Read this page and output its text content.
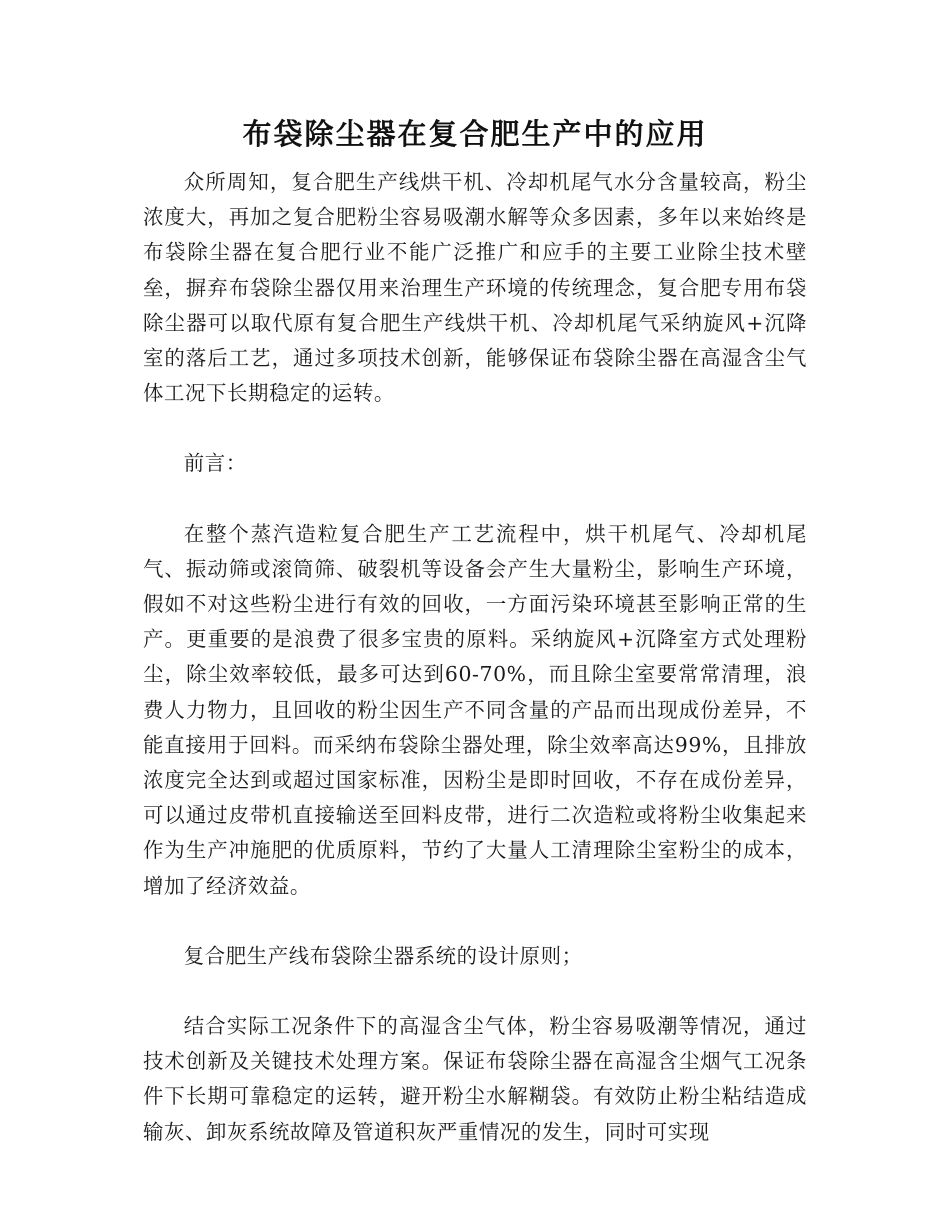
布袋除尘器在复合肥生产中的应用

众所周知，复合肥生产线烘干机、冷却机尾气水分含量较高，粉尘浓度大，再加之复合肥粉尘容易吸潮水解等众多因素，多年以来始终是布袋除尘器在复合肥行业不能广泛推广和应手的主要工业除尘技术壁垒，摒弃布袋除尘器仅用来治理生产环境的传统理念，复合肥专用布袋除尘器可以取代原有复合肥生产线烘干机、冷却机尾气采纳旋风+沉降室的落后工艺，通过多项技术创新，能够保证布袋除尘器在高湿含尘气体工况下长期稳定的运转。

前言：

在整个蒸汽造粒复合肥生产工艺流程中，烘干机尾气、冷却机尾气、振动筛或滚筒筛、破裂机等设备会产生大量粉尘，影响生产环境，假如不对这些粉尘进行有效的回收，一方面污染环境甚至影响正常的生产。更重要的是浪费了很多宝贵的原料。采纳旋风+沉降室方式处理粉尘，除尘效率较低，最多可达到60-70%，而且除尘室要常常清理，浪费人力物力，且回收的粉尘因生产不同含量的产品而出现成份差异，不能直接用于回料。而采纳布袋除尘器处理，除尘效率高达99%，且排放浓度完全达到或超过国家标准，因粉尘是即时回收，不存在成份差异，可以通过皮带机直接输送至回料皮带，进行二次造粒或将粉尘收集起来作为生产冲施肥的优质原料，节约了大量人工清理除尘室粉尘的成本，增加了经济效益。

复合肥生产线布袋除尘器系统的设计原则；

结合实际工况条件下的高湿含尘气体，粉尘容易吸潮等情况，通过技术创新及关键技术处理方案。保证布袋除尘器在高湿含尘烟气工况条件下长期可靠稳定的运转，避开粉尘水解糊袋。有效防止粉尘粘结造成输灰、卸灰系统故障及管道积灰严重情况的发生，同时可实现
